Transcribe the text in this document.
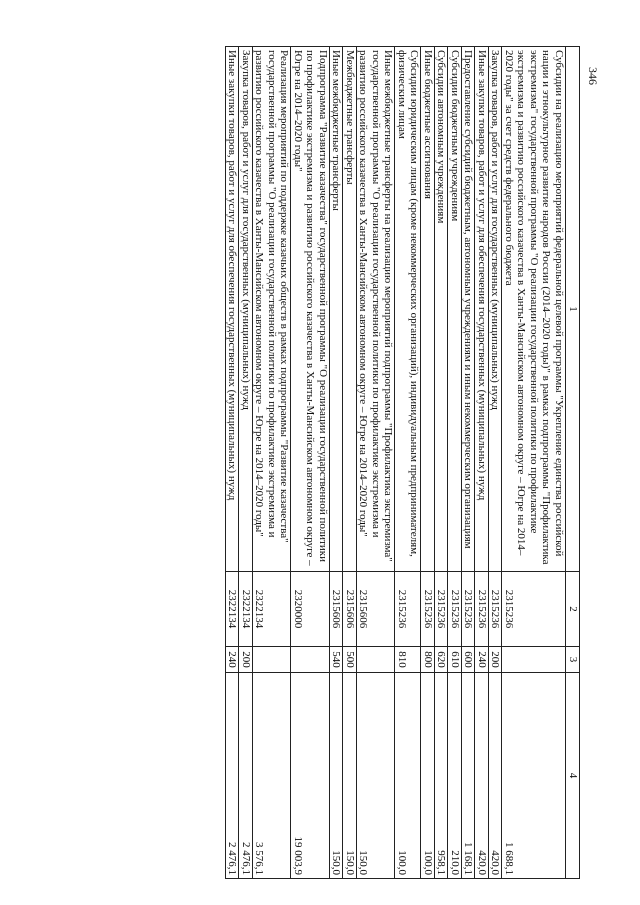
346
1	2	3	4
Субсидии на реализацию мероприятий федеральной целевой программы "Укрепление единства российской нации и этнокультурное развитие народов России (2014–2020 годы)" в рамках подпрограммы "Профилактика экстремизма" государственной программы "О реализации государственной политики по профилактике экстремизма и развитию российского казачества в Ханты-Мансийском автономном округе – Югре на 2014–2020 годы" за счет средств федерального бюджета	2315236		1 688,1
Закупка товаров, работ и услуг для государственных (муниципальных) нужд	2315236	200	420,0
Иные закупки товаров, работ и услуг для обеспечения государственных (муниципальных) нужд	2315236	240	420,0
Предоставление субсидий бюджетным, автономным учреждениям и иным некоммерческим организациям	2315236	600	1 168,1
Субсидии бюджетным учреждениям	2315236	610	210,0
Субсидии автономным учреждениям	2315236	620	958,1
Иные бюджетные ассигнования	2315236	800	100,0
Субсидии юридическим лицам (кроме некоммерческих организаций), индивидуальным предпринимателям, физическим лицам	2315236	810	100,0
Иные межбюджетные трансферты на реализацию мероприятий подпрограммы "Профилактика экстремизма" государственной программы "О реализации государственной политики по профилактике экстремизма и развитию российского казачества в Ханты-Мансийском автономном округе – Югре на 2014–2020 годы"	2315606		150,0
Межбюджетные трансферты	2315606	500	150,0
Иные межбюджетные трансферты	2315606	540	150,0
Подпрограмма "Развитие казачества" государственной программы "О реализации государственной политики по профилактике экстремизма и развитию российского казачества в Ханты-Мансийском автономном округе – Югре на 2014–2020 годы"	2320000		19 003,9
Реализация мероприятий по поддержке казачьих обществ в рамках подпрограммы "Развитие казачества" государственной программы "О реализации государственной политики по профилактике экстремизма и развитию российского казачества в Ханты-Мансийском автономном округе – Югре на 2014–2020 годы"	2322134		3 576,1
Закупка товаров, работ и услуг для государственных (муниципальных) нужд	2322134	200	2 476,1
Иные закупки товаров, работ и услуг для обеспечения государственных (муниципальных) нужд	2322134	240	2 476,1
